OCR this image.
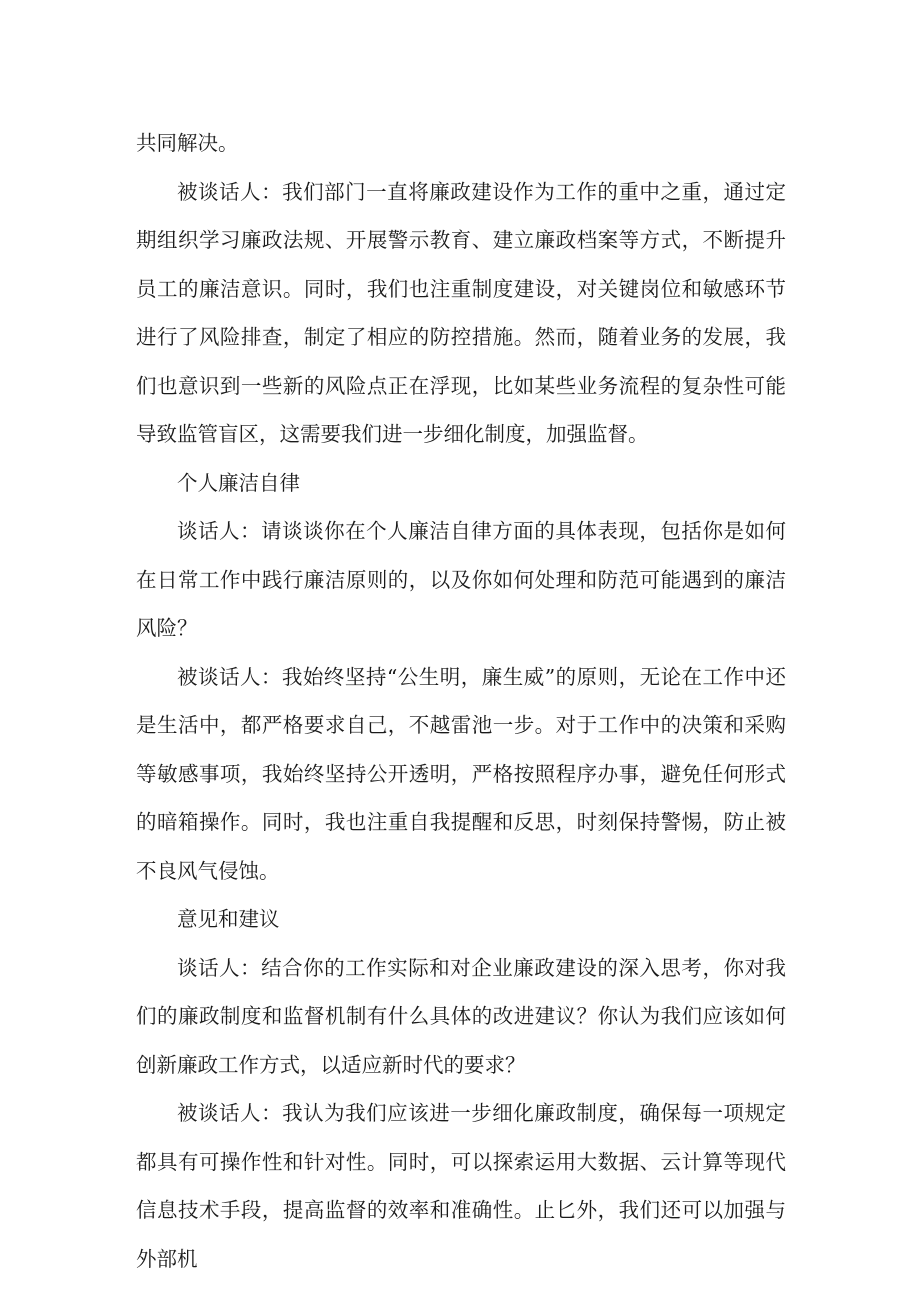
共同解决。

被谈话人：我们部门一直将廉政建设作为工作的重中之重，通过定期组织学习廉政法规、开展警示教育、建立廉政档案等方式，不断提升员工的廉洁意识。同时，我们也注重制度建设，对关键岗位和敏感环节进行了风险排查，制定了相应的防控措施。然而，随着业务的发展，我们也意识到一些新的风险点正在浮现，比如某些业务流程的复杂性可能导致监管盲区，这需要我们进一步细化制度，加强监督。

个人廉洁自律

谈话人：请谈谈你在个人廉洁自律方面的具体表现，包括你是如何在日常工作中践行廉洁原则的，以及你如何处理和防范可能遇到的廉洁风险？

被谈话人：我始终坚持“公生明，廉生威”的原则，无论在工作中还是生活中，都严格要求自己，不越雷池一步。对于工作中的决策和采购等敏感事项，我始终坚持公开透明，严格按照程序办事，避免任何形式的暗箱操作。同时，我也注重自我提醒和反思，时刻保持警惕，防止被不良风气侵蚀。

意见和建议

谈话人：结合你的工作实际和对企业廉政建设的深入思考，你对我们的廉政制度和监督机制有什么具体的改进建议？你认为我们应该如何创新廉政工作方式，以适应新时代的要求？

被谈话人：我认为我们应该进一步细化廉政制度，确保每一项规定都具有可操作性和针对性。同时，可以探索运用大数据、云计算等现代信息技术手段，提高监督的效率和准确性。止匕外，我们还可以加强与外部机
